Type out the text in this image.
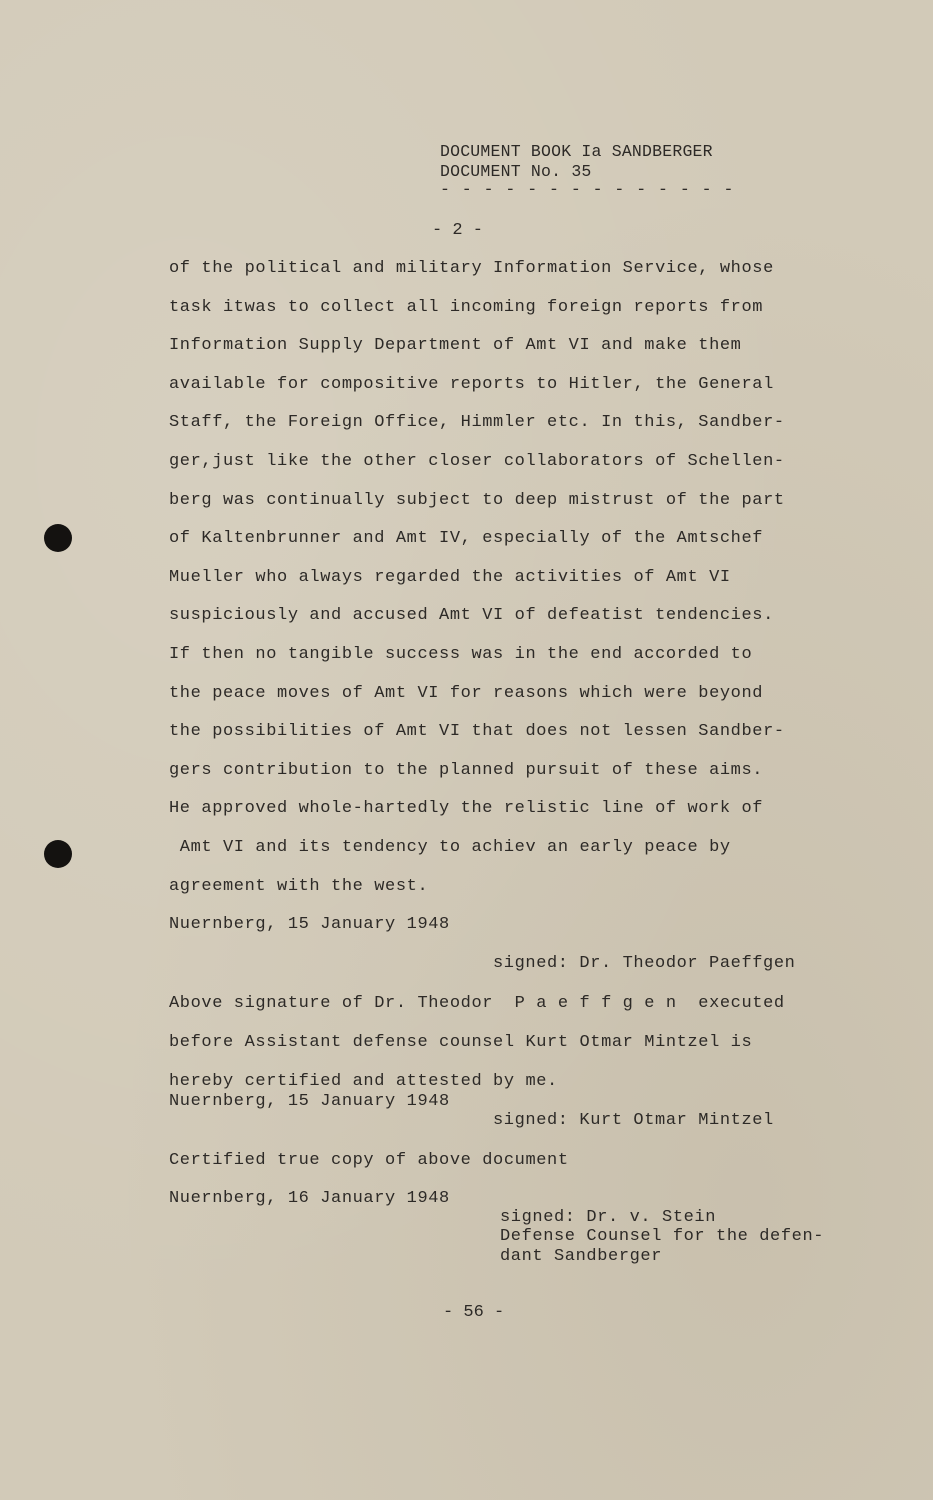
DOCUMENT BOOK Ia SANDBERGER
DOCUMENT No. 35
- - - - - - - - - - - - - -
- 2 -
of the political and military Information Service, whose
task itwas to collect all incoming foreign reports from
Information Supply Department of Amt VI and make them
available for compositive reports to Hitler, the General
Staff, the Foreign Office, Himmler etc. In this, Sandber-
ger,just like the other closer collaborators of Schellen-
berg was continually subject to deep mistrust of the part
of Kaltenbrunner and Amt IV, especially of the Amtschef
Mueller who always regarded the activities of Amt VI
suspiciously and accused Amt VI of defeatist tendencies.
If then no tangible success was in the end accorded to
the peace moves of Amt VI for reasons which were beyond
the possibilities of Amt VI that does not lessen Sandber-
gers contribution to the planned pursuit of these aims.
He approved whole-hartedly the relistic line of work of
Amt VI and its tendency to achiev an early peace by
agreement with the west.
Nuernberg, 15 January 1948
signed: Dr. Theodor Paeffgen
Above signature of Dr. Theodor  P a e f f g e n  executed
before Assistant defense counsel Kurt Otmar Mintzel is
hereby certified and attested by me.
Nuernberg, 15 January 1948
signed: Kurt Otmar Mintzel
Certified true copy of above document
Nuernberg, 16 January 1948
signed: Dr. v. Stein
Defense Counsel for the defen-
dant Sandberger
- 56 -
